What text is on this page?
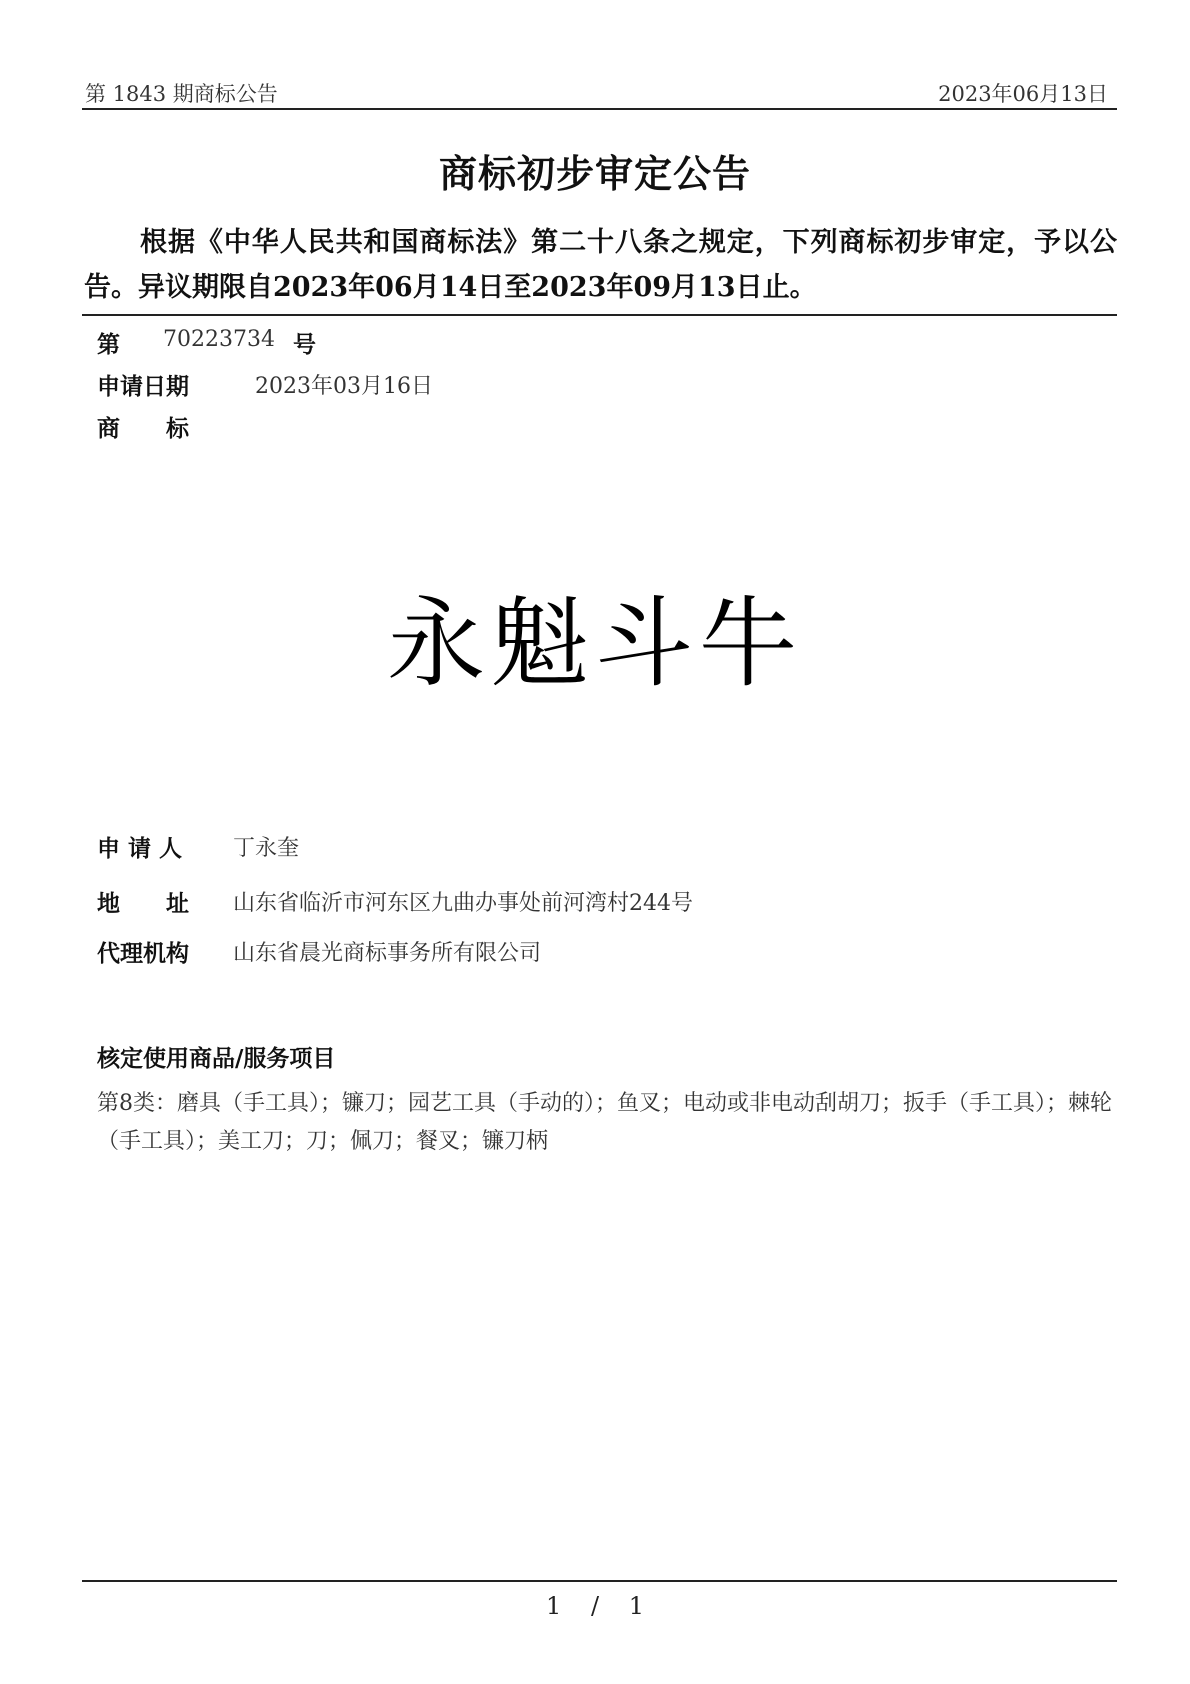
第 1843 期商标公告	2023年06月13日
商标初步审定公告
根据《中华人民共和国商标法》第二十八条之规定，下列商标初步审定，予以公告。异议期限自2023年06月14日至2023年09月13日止。
第 70223734 号
申请日期	2023年03月16日
商　　标
永魁斗牛
申 请 人 丁永奎
地　　址 山东省临沂市河东区九曲办事处前河湾村244号
代理机构 山东省晨光商标事务所有限公司
核定使用商品/服务项目
第8类：磨具（手工具）；镰刀；园艺工具（手动的）；鱼叉；电动或非电动刮胡刀；扳手（手工具）；棘轮（手工具）；美工刀；刀；佩刀；餐叉；镰刀柄
1 / 1
